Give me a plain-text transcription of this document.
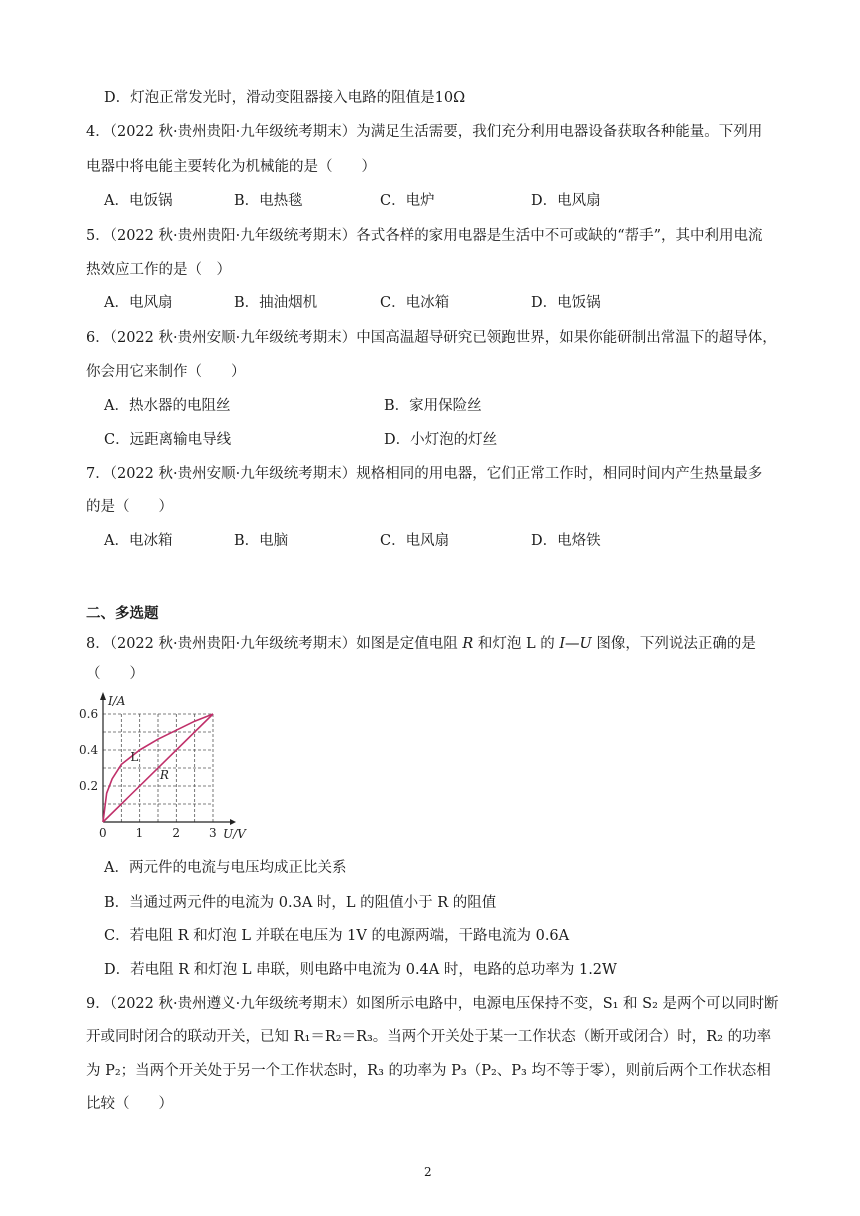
D．灯泡正常发光时，滑动变阻器接入电路的阻值是10Ω
4．（2022 秋·贵州贵阳·九年级统考期末）为满足生活需要，我们充分利用电器设备获取各种能量。下列用
电器中将电能主要转化为机械能的是（　　）
A．电饭锅	B．电热毯	C．电炉	D．电风扇
5．（2022 秋·贵州贵阳·九年级统考期末）各式各样的家用电器是生活中不可或缺的“帮手”，其中利用电流
热效应工作的是（　）
A．电风扇	B．抽油烟机	C．电冰箱	D．电饭锅
6．（2022 秋·贵州安顺·九年级统考期末）中国高温超导研究已领跑世界，如果你能研制出常温下的超导体，
你会用它来制作（　　）
A．热水器的电阻丝	B．家用保险丝
C．远距离输电导线	D．小灯泡的灯丝
7．（2022 秋·贵州安顺·九年级统考期末）规格相同的用电器，它们正常工作时，相同时间内产生热量最多
的是（　　）
A．电冰箱	B．电脑	C．电风扇	D．电烙铁
二、多选题
8．（2022 秋·贵州贵阳·九年级统考期末）如图是定值电阻 R 和灯泡 L 的 I—U 图像，下列说法正确的是
（　　）
0 1 2 3
0.2
0.4
0.6
I/A
U/V
L
R
A．两元件的电流与电压均成正比关系
B．当通过两元件的电流为 0.3A 时，L 的阻值小于 R 的阻值
C．若电阻 R 和灯泡 L 并联在电压为 1V 的电源两端，干路电流为 0.6A
D．若电阻 R 和灯泡 L 串联，则电路中电流为 0.4A 时，电路的总功率为 1.2W
9．（2022 秋·贵州遵义·九年级统考期末）如图所示电路中，电源电压保持不变，S₁ 和 S₂ 是两个可以同时断
开或同时闭合的联动开关，已知 R₁＝R₂＝R₃。当两个开关处于某一工作状态（断开或闭合）时，R₂ 的功率
为 P₂；当两个开关处于另一个工作状态时，R₃ 的功率为 P₃（P₂、P₃ 均不等于零），则前后两个工作状态相
比较（　　）
2
